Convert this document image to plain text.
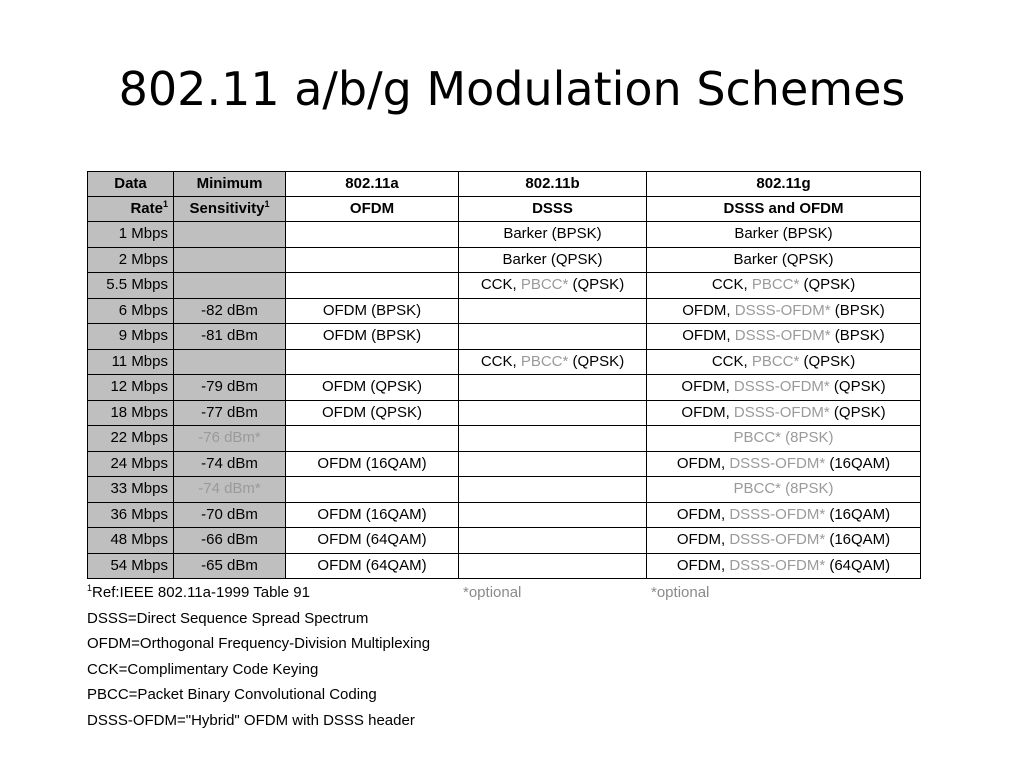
802.11 a/b/g Modulation Schemes
Data	Minimum	802.11a	802.11b	802.11g
Rate$^1$	Sensitivity$^1$	OFDM	DSSS	DSSS and OFDM
1 Mbps			Barker (BPSK)	Barker (BPSK)
2 Mbps			Barker (QPSK)	Barker (QPSK)
5.5 Mbps			CCK, PBCC* (QPSK)	CCK, PBCC* (QPSK)
6 Mbps	-82 dBm	OFDM (BPSK)		OFDM, DSSS-OFDM* (BPSK)
9 Mbps	-81 dBm	OFDM (BPSK)		OFDM, DSSS-OFDM* (BPSK)
11 Mbps			CCK, PBCC* (QPSK)	CCK, PBCC* (QPSK)
12 Mbps	-79 dBm	OFDM (QPSK)		OFDM, DSSS-OFDM* (QPSK)
18 Mbps	-77 dBm	OFDM (QPSK)		OFDM, DSSS-OFDM* (QPSK)
22 Mbps	-76 dBm*			PBCC* (8PSK)
24 Mbps	-74 dBm	OFDM (16QAM)		OFDM, DSSS-OFDM* (16QAM)
33 Mbps	-74 dBm*			PBCC* (8PSK)
36 Mbps	-70 dBm	OFDM (16QAM)		OFDM, DSSS-OFDM* (16QAM)
48 Mbps	-66 dBm	OFDM (64QAM)		OFDM, DSSS-OFDM* (16QAM)
54 Mbps	-65 dBm	OFDM (64QAM)		OFDM, DSSS-OFDM* (64QAM)
$^1$Ref:IEEE 802.11a-1999 Table 91
DSSS=Direct Sequence Spread Spectrum
OFDM=Orthogonal Frequency-Division Multiplexing
CCK=Complimentary Code Keying
PBCC=Packet Binary Convolutional Coding
DSSS-OFDM="Hybrid" OFDM with DSSS header
*optional	*optional
